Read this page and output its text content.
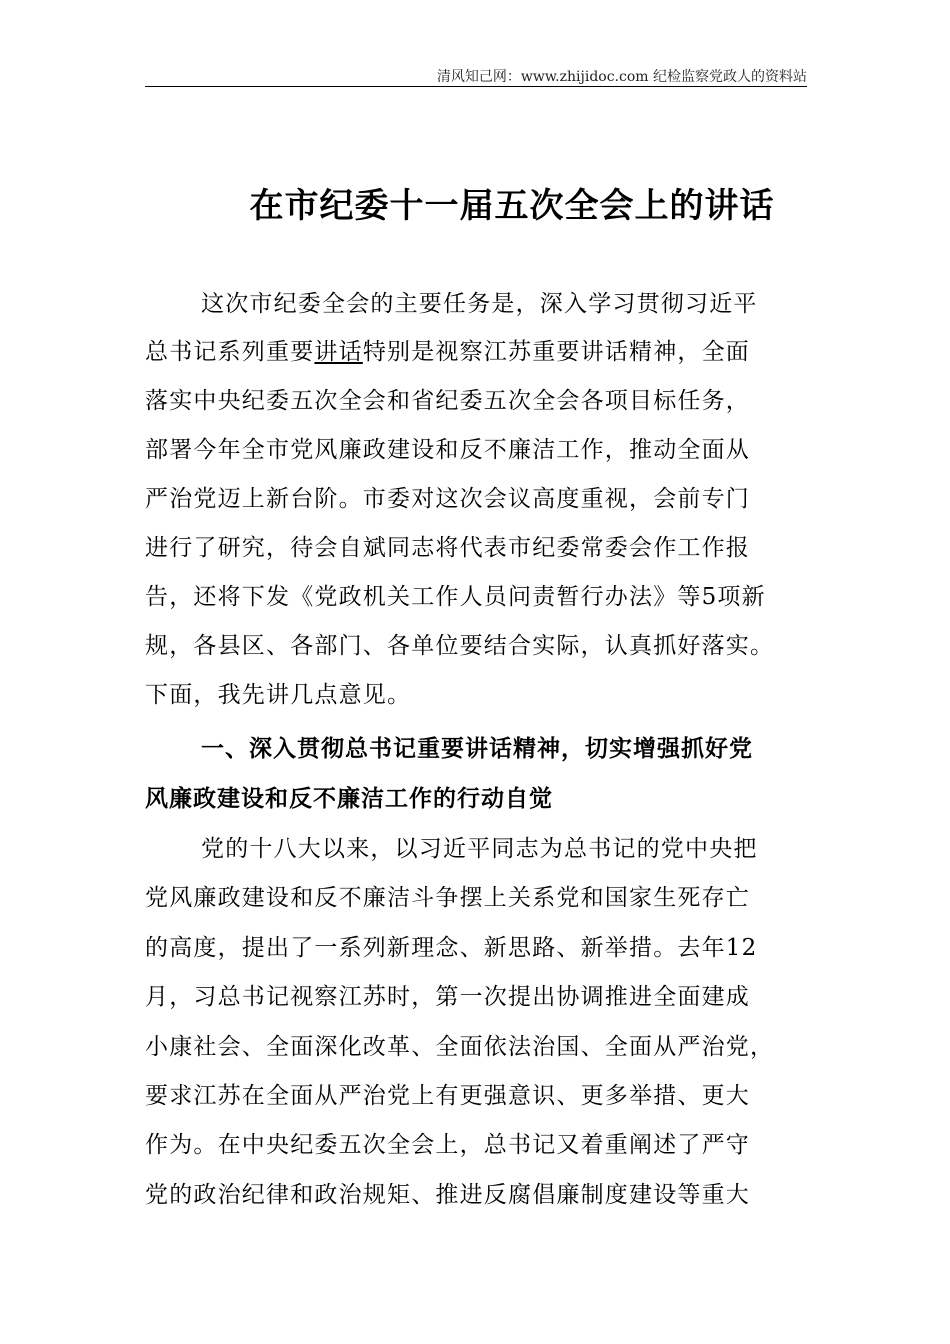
清风知己网：www.zhijidoc.com 纪检监察党政人的资料站
在市纪委十一届五次全会上的讲话
这次市纪委全会的主要任务是，深入学习贯彻习近平
总书记系列重要讲话特别是视察江苏重要讲话精神，全面
落实中央纪委五次全会和省纪委五次全会各项目标任务，
部署今年全市党风廉政建设和反不廉洁工作，推动全面从
严治党迈上新台阶。市委对这次会议高度重视，会前专门
进行了研究，待会自斌同志将代表市纪委常委会作工作报
告，还将下发《党政机关工作人员问责暂行办法》等5项新
规，各县区、各部门、各单位要结合实际，认真抓好落实。
下面，我先讲几点意见。
一、深入贯彻总书记重要讲话精神，切实增强抓好党
风廉政建设和反不廉洁工作的行动自觉
党的十八大以来，以习近平同志为总书记的党中央把
党风廉政建设和反不廉洁斗争摆上关系党和国家生死存亡
的高度，提出了一系列新理念、新思路、新举措。去年12
月，习总书记视察江苏时，第一次提出协调推进全面建成
小康社会、全面深化改革、全面依法治国、全面从严治党，
要求江苏在全面从严治党上有更强意识、更多举措、更大
作为。在中央纪委五次全会上，总书记又着重阐述了严守
党的政治纪律和政治规矩、推进反腐倡廉制度建设等重大
